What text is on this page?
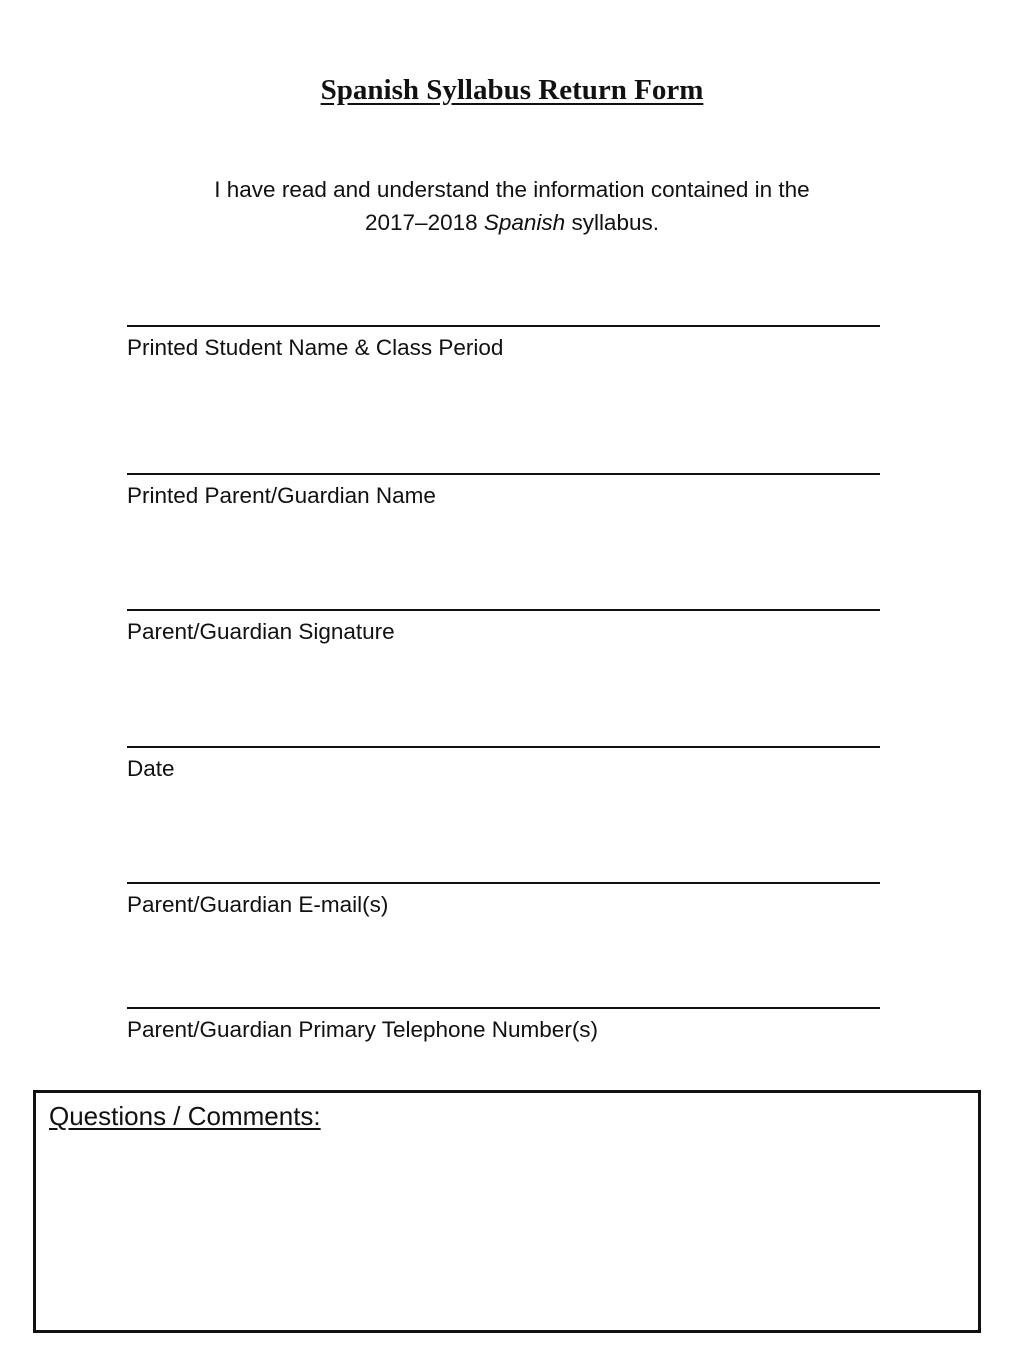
Spanish Syllabus Return Form
I have read and understand the information contained in the
2017–2018 Spanish syllabus.
Printed Student Name & Class Period
Printed Parent/Guardian Name
Parent/Guardian Signature
Date
Parent/Guardian E-mail(s)
Parent/Guardian Primary Telephone Number(s)
Questions / Comments:
